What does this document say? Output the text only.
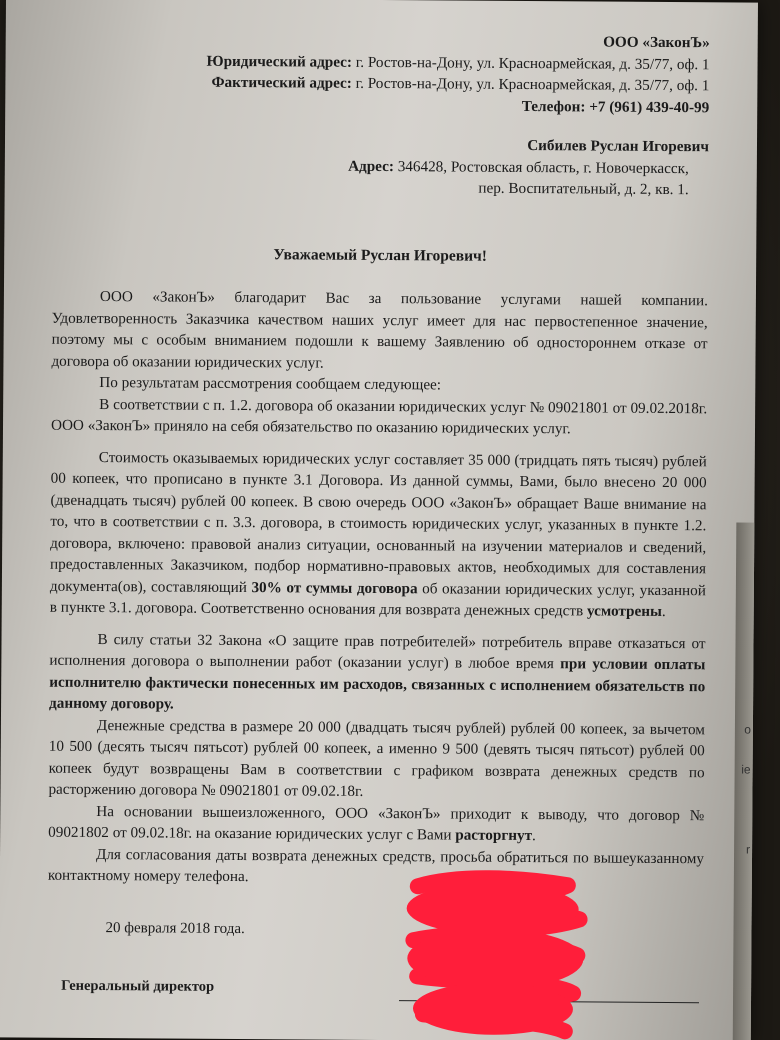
ООО «ЗаконЪ»
Юридический адрес: г. Ростов-на-Дону, ул. Красноармейская, д. 35/77, оф. 1
Фактический адрес: г. Ростов-на-Дону, ул. Красноармейская, д. 35/77, оф. 1
Телефон: +7 (961) 439-40-99
Сибилев Руслан Игоревич
Адрес: 346428, Ростовская область, г. Новочеркасск,
пер. Воспитательный, д. 2, кв. 1.
Уважаемый Руслан Игоревич!

ООО «ЗаконЪ» благодарит Вас за пользование услугами нашей компании. Удовлетворенность Заказчика качеством наших услуг имеет для нас первостепенное значение, поэтому мы с особым вниманием подошли к вашему Заявлению об одностороннем отказе от договора об оказании юридических услуг.

По результатам рассмотрения сообщаем следующее:

В соответствии с п. 1.2. договора об оказании юридических услуг № 09021801 от 09.02.2018г. ООО «ЗаконЪ» приняло на себя обязательство по оказанию юридических услуг.

Стоимость оказываемых юридических услуг составляет 35 000 (тридцать пять тысяч) рублей 00 копеек, что прописано в пункте 3.1 Договора. Из данной суммы, Вами, было внесено 20 000 (двенадцать тысяч) рублей 00 копеек. В свою очередь ООО «ЗаконЪ» обращает Ваше внимание на то, что в соответствии с п. 3.3. договора, в стоимость юридических услуг, указанных в пункте 1.2. договора, включено: правовой анализ ситуации, основанный на изучении материалов и сведений, предоставленных Заказчиком, подбор нормативно-правовых актов, необходимых для составления документа(ов), составляющий 30% от суммы договора об оказании юридических услуг, указанной в пункте 3.1. договора. Соответственно основания для возврата денежных средств усмотрены.

В силу статьи 32 Закона «О защите прав потребителей» потребитель вправе отказаться от исполнения договора о выполнении работ (оказании услуг) в любое время при условии оплаты исполнителю фактически понесенных им расходов, связанных с исполнением обязательств по данному договору.

Денежные средства в размере 20 000 (двадцать тысяч рублей) рублей 00 копеек, за вычетом 10 500 (десять тысяч пятьсот) рублей 00 копеек, а именно 9 500 (девять тысяч пятьсот) рублей 00 копеек будут возвращены Вам в соответствии с графиком возврата денежных средств по расторжению договора № 09021801 от 09.02.18г.

На основании вышеизложенного, ООО «ЗаконЪ» приходит к выводу, что договор № 09021802 от 09.02.18г. на оказание юридических услуг с Вами расторгнут.

Для согласования даты возврата денежных средств, просьба обратиться по вышеуказанному контактному номеру телефона.

20 февраля 2018 года.
Генеральный директор
о
ie
r
